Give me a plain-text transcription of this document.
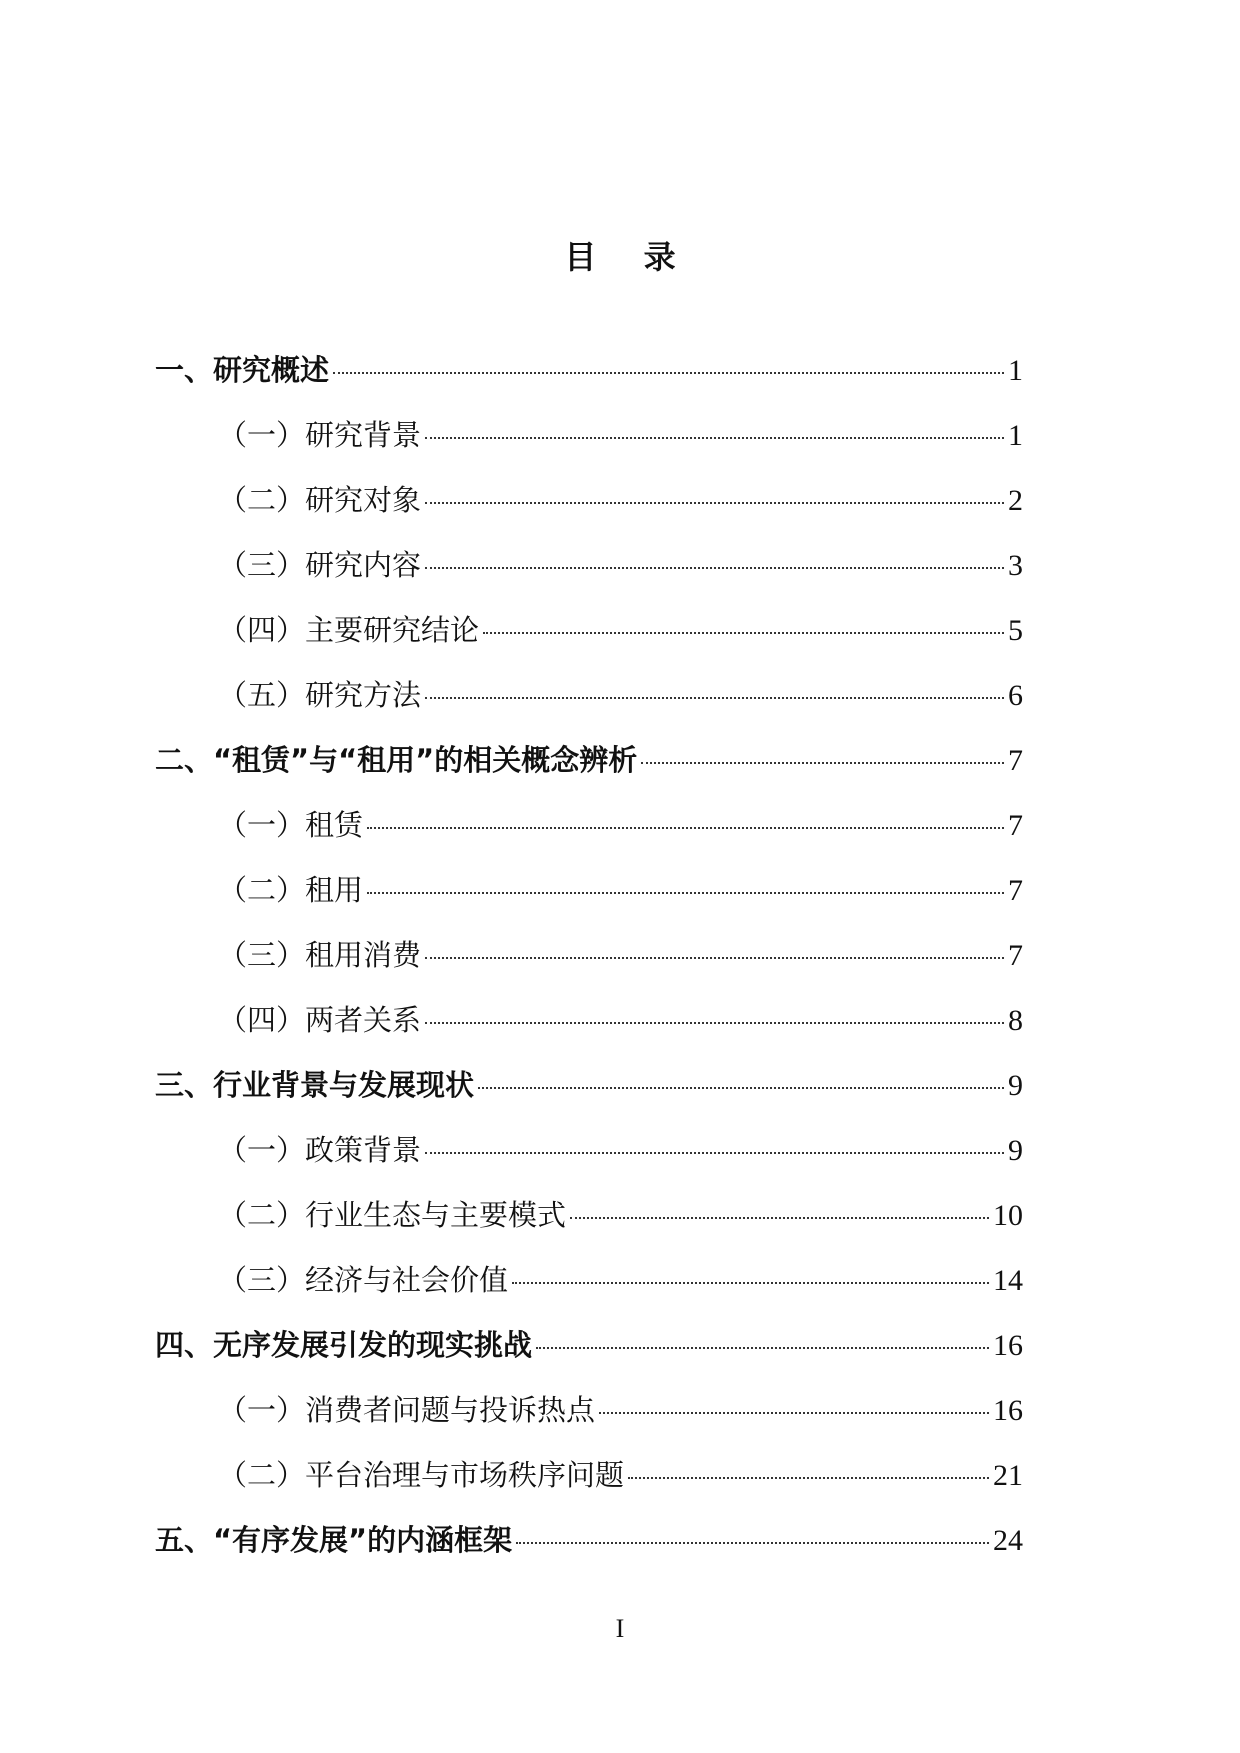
目 录
一、研究概述	1
（一）研究背景	1
（二）研究对象	2
（三）研究内容	3
（四）主要研究结论	5
（五）研究方法	6
二、“租赁”与“租用”的相关概念辨析	7
（一）租赁	7
（二）租用	7
（三）租用消费	7
（四）两者关系	8
三、行业背景与发展现状	9
（一）政策背景	9
（二）行业生态与主要模式	10
（三）经济与社会价值	14
四、无序发展引发的现实挑战	16
（一）消费者问题与投诉热点	16
（二）平台治理与市场秩序问题	21
五、“有序发展”的内涵框架	24
I
